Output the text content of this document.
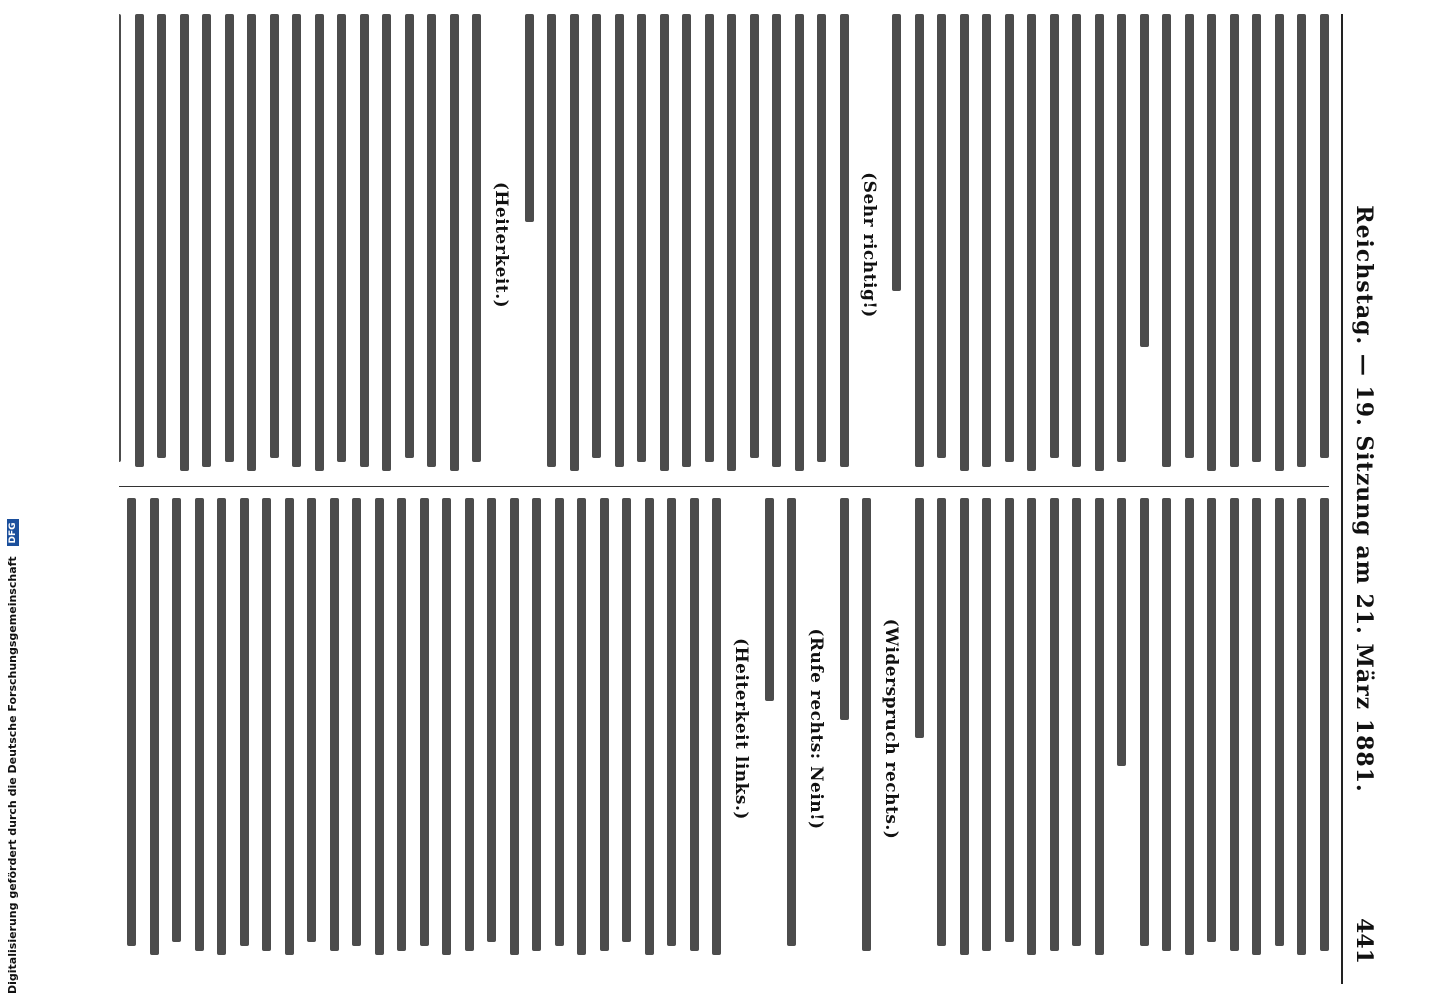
Reichstag. — 19. Sitzung am 21. März 1881.
441
(Sehr richtig!)
(Heiterkeit.)
(Widerspruch rechts.)
(Rufe rechts: Nein!)
(Heiterkeit links.)
Digitalisierung gefördert durch die Deutsche Forschungsgemeinschaft DFG
